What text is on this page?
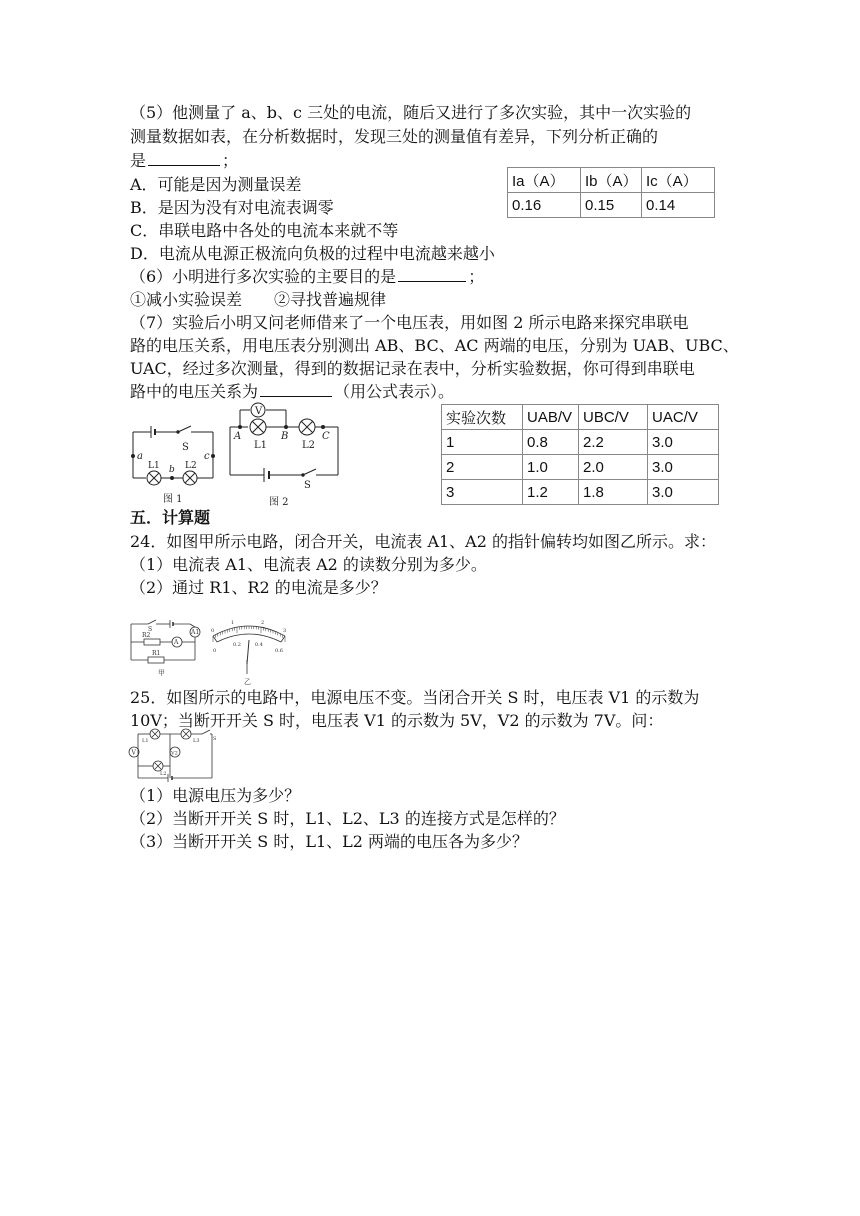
（5）他测量了 a、b、c 三处的电流，随后又进行了多次实验，其中一次实验的
测量数据如表，在分析数据时，发现三处的测量值有差异，下列分析正确的
是	；
A．可能是因为测量误差
B．是因为没有对电流表调零
C．串联电路中各处的电流本来就不等
D．电流从电源正极流向负极的过程中电流越来越小
Ia（A）	Ib（A）	Ic（A）
0.16	0.15	0.14
（6）小明进行多次实验的主要目的是	；
①减小实验误差　　②寻找普遍规律
（7）实验后小明又问老师借来了一个电压表，用如图 2 所示电路来探究串联电
路的电压关系，用电压表分别测出 AB、BC、AC 两端的电压，分别为 UAB、UBC、
UAC，经过多次测量，得到的数据记录在表中，分析实验数据，你可得到串联电
路中的电压关系为	（用公式表示）。
实验次数	UAB/V	UBC/V	UAC/V
1	0.8	2.2	3.0
2	1.0	2.0	3.0
3	1.2	1.8	3.0
S
a	c
b
L1	L2
图 1
V
A	B	C
L1	L2
S
图 2
五．计算题
24．如图甲所示电路，闭合开关，电流表 A1、A2 的指针偏转均如图乙所示。求：
（1）电流表 A1、电流表 A2 的读数分别为多少。
（2）通过 R1、R2 的电流是多少？
S
R2
R1
A1
A
甲
0
0.2	0.4
0.6
0
1	2
3
乙
25．如图所示的电路中，电源电压不变。当闭合开关 S 时，电压表 V1 的示数为
10V；当断开开关 S 时，电压表 V1 的示数为 5V，V2 的示数为 7V。问：
V	V2
L1	L3
L2
S
（1）电源电压为多少？
（2）当断开开关 S 时，L1、L2、L3 的连接方式是怎样的？
（3）当断开开关 S 时，L1、L2 两端的电压各为多少？
